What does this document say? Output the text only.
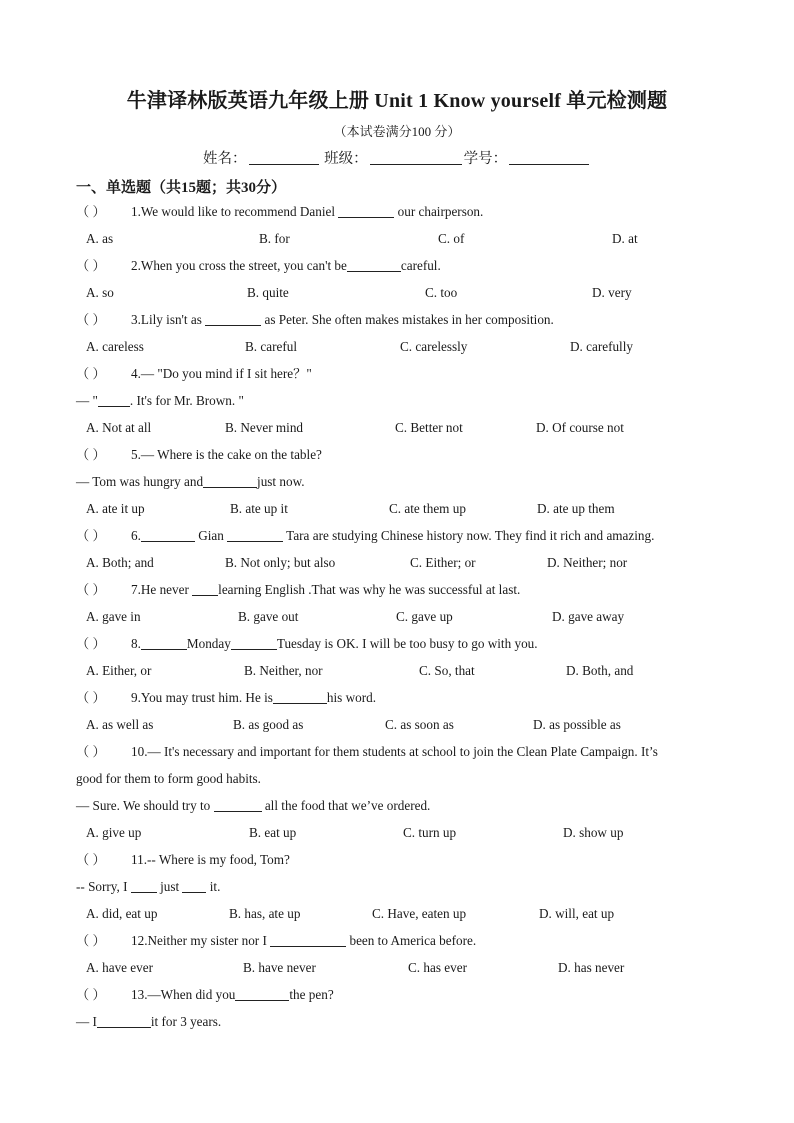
牛津译林版英语九年级上册 Unit 1 Know yourself 单元检测题
（本试卷满分100 分）
姓名：	班级：	学号：
一、单选题（共15题；共30分）
（ ） 1.We would like to recommend Daniel	our chairperson.
A. as	B. for	C. of	D. at
（ ） 2.When you cross the street, you can't be	careful.
A. so	B. quite	C. too	D. very
（ ） 3.Lily isn't as	as Peter. She often makes mistakes in her composition.
A. careless	B. careful	C. carelessly	D. carefully
（ ） 4.— "Do you mind if I sit here？"
— " . It's for Mr. Brown. "
A. Not at all	B. Never mind	C. Better not	D. Of course not
（ ） 5.— Where is the cake on the table?
— Tom was hungry and	just now.
A. ate it up	B. ate up it	C. ate them up	D. ate up them
（ ） 6.	Gian	Tara are studying Chinese history now. They find it rich and amazing.
A. Both; and	B. Not only; but also	C. Either; or	D. Neither; nor
（ ） 7.He never learning English .That was why he was successful at last.
A. gave in	B. gave out	C. gave up	D. gave away
（ ） 8.	Monday	Tuesday is OK. I will be too busy to go with you.
A. Either, or	B. Neither, nor	C. So, that	D. Both, and
（ ） 9.You may trust him. He is	his word.
A. as well as	B. as good as	C. as soon as	D. as possible as
（ ） 10.— It's necessary and important for them students at school to join the Clean Plate Campaign. It’s
good for them to form good habits.
— Sure. We should try to	all the food that we’ve ordered.
A. give up	B. eat up	C. turn up	D. show up
（ ） 11.-- Where is my food, Tom?
-- Sorry, I  just  it.
A. did, eat up	B. has, ate up	C. Have, eaten up	D. will, eat up
（ ） 12.Neither my sister nor I	been to America before.
A. have ever	B. have never	C. has ever	D. has never
（ ） 13.—When did you	the pen?
— I	it for 3 years.
